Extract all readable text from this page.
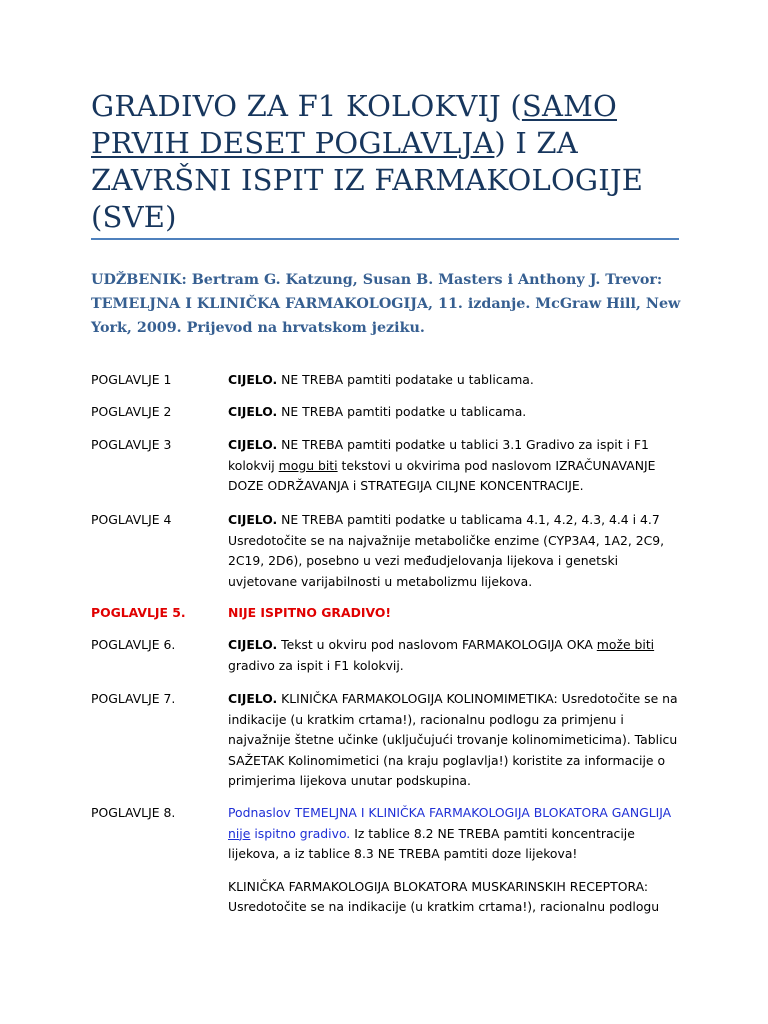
GRADIVO ZA F1 KOLOKVIJ (SAMO PRVIH DESET POGLAVLJA) I ZA ZAVRŠNI ISPIT IZ FARMAKOLOGIJE (SVE)
UDŽBENIK: Bertram G. Katzung, Susan B. Masters i Anthony J. Trevor: TEMELJNA I KLINIČKA FARMAKOLOGIJA, 11. izdanje. McGraw Hill, New York, 2009. Prijevod na hrvatskom jeziku.
POGLAVLJE 1	CIJELO. NE TREBA pamtiti podatake u tablicama.
POGLAVLJE 2	CIJELO. NE TREBA pamtiti podatke u tablicama.
POGLAVLJE 3	CIJELO. NE TREBA pamtiti podatke u tablici 3.1 Gradivo za ispit i F1 kolokvij mogu biti tekstovi u okvirima pod naslovom IZRAČUNAVANJE DOZE ODRŽAVANJA i STRATEGIJA CILJNE KONCENTRACIJE.
POGLAVLJE 4	CIJELO. NE TREBA pamtiti podatke u tablicama 4.1, 4.2, 4.3, 4.4 i 4.7 Usredotočite se na najvažnije metaboličke enzime (CYP3A4, 1A2, 2C9, 2C19, 2D6), posebno u vezi međudjelovanja lijekova i genetski uvjetovane varijabilnosti u metabolizmu lijekova.
POGLAVLJE 5.	NIJE ISPITNO GRADIVO!
POGLAVLJE 6.	CIJELO. Tekst u okviru pod naslovom FARMAKOLOGIJA OKA može biti gradivo za ispit i F1 kolokvij.
POGLAVLJE 7.	CIJELO. KLINIČKA FARMAKOLOGIJA KOLINOMIMETIKA: Usredotočite se na indikacije (u kratkim crtama!), racionalnu podlogu za primjenu i najvažnije štetne učinke (uključujući trovanje kolinomimeticima). Tablicu SAŽETAK Kolinomimetici (na kraju poglavlja!) koristite za informacije o primjerima lijekova unutar podskupina.
POGLAVLJE 8.	Podnaslov TEMELJNA I KLINIČKA FARMAKOLOGIJA BLOKATORA GANGLIJA nije ispitno gradivo. Iz tablice 8.2 NE TREBA pamtiti koncentracije lijekova, a iz tablice 8.3 NE TREBA pamtiti doze lijekova!

KLINIČKA FARMAKOLOGIJA BLOKATORA MUSKARINSKIH RECEPTORA: Usredotočite se na indikacije (u kratkim crtama!), racionalnu podlogu
